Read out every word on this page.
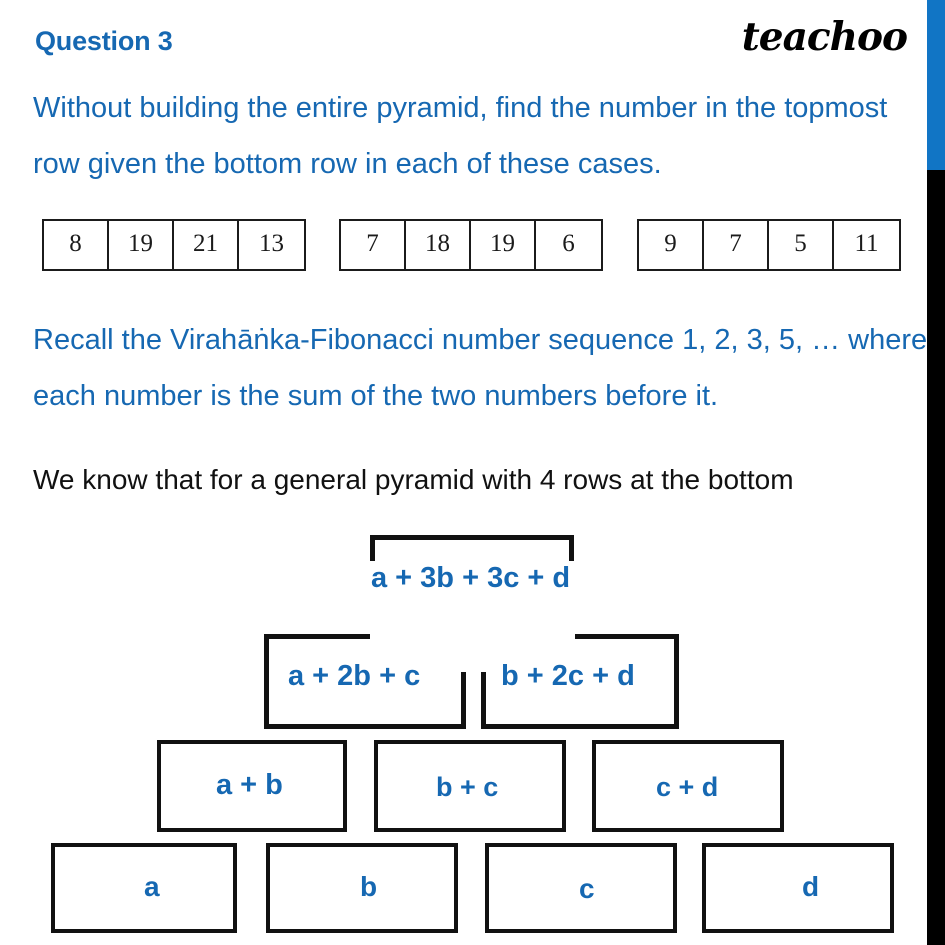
Question 3	teachoo
Without building the entire pyramid, find the number in the topmost
row given the bottom row in each of these cases.
8	19	21	13	7	18	19	6	9	7	5	11
Recall the Virahāṅka-Fibonacci number sequence 1, 2, 3, 5, … where
each number is the sum of the two numbers before it.
We know that for a general pyramid with 4 rows at the bottom
a + 3b + 3c + d
a + 2b + c	b + 2c + d
a + b	b + c	c + d
a	b	c	d
